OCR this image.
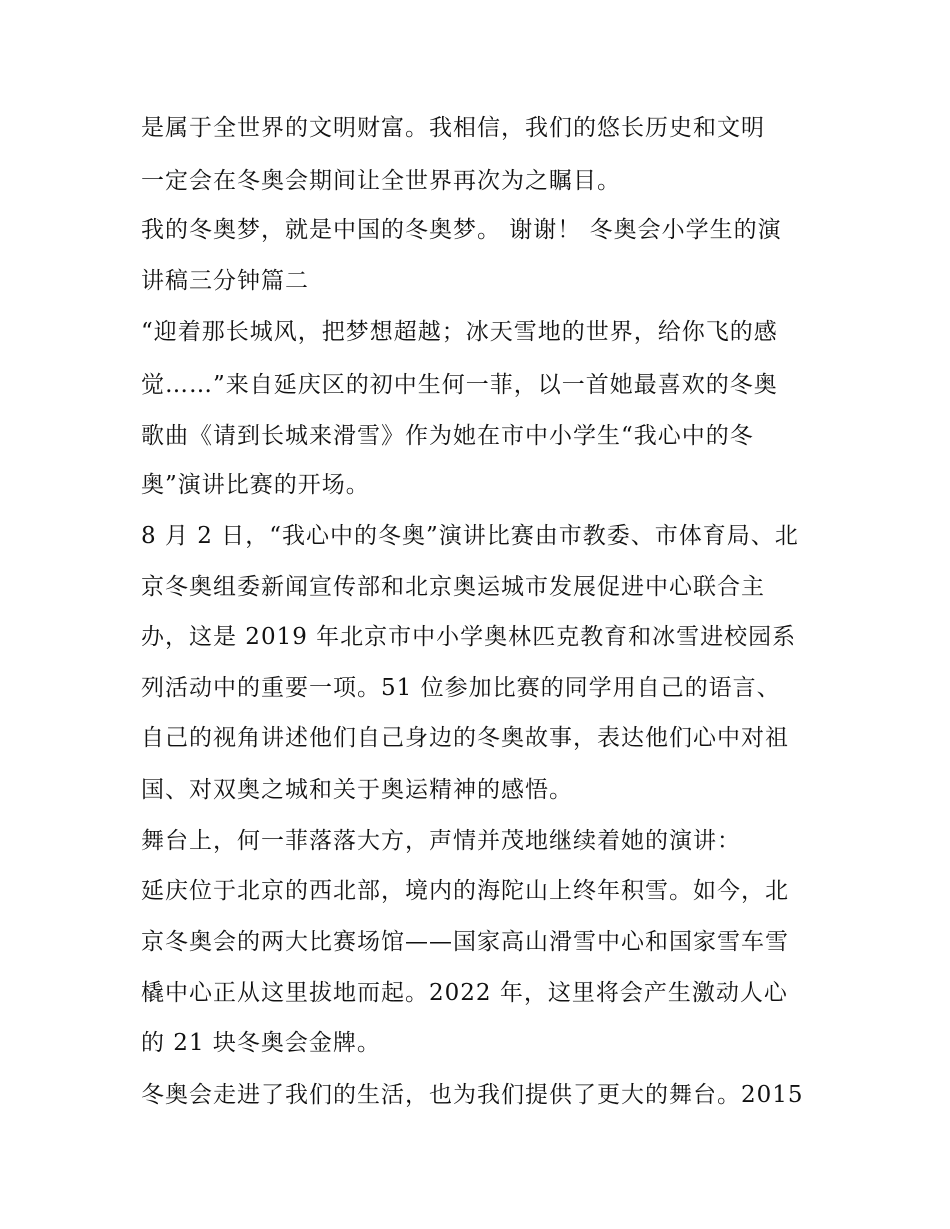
是属于全世界的文明财富。我相信，我们的悠长历史和文明

一定会在冬奥会期间让全世界再次为之瞩目。

我的冬奥梦，就是中国的冬奥梦。 谢谢！ 冬奥会小学生的演

讲稿三分钟篇二

“迎着那长城风，把梦想超越；冰天雪地的世界，给你飞的感

觉……”来自延庆区的初中生何一菲，以一首她最喜欢的冬奥

歌曲《请到长城来滑雪》作为她在市中小学生“我心中的冬

奥”演讲比赛的开场。

8 月 2 日，“我心中的冬奥”演讲比赛由市教委、市体育局、北

京冬奥组委新闻宣传部和北京奥运城市发展促进中心联合主

办，这是 2019 年北京市中小学奥林匹克教育和冰雪进校园系

列活动中的重要一项。51 位参加比赛的同学用自己的语言、

自己的视角讲述他们自己身边的冬奥故事，表达他们心中对祖

国、对双奥之城和关于奥运精神的感悟。

舞台上，何一菲落落大方，声情并茂地继续着她的演讲：

延庆位于北京的西北部，境内的海陀山上终年积雪。如今，北

京冬奥会的两大比赛场馆——国家高山滑雪中心和国家雪车雪

橇中心正从这里拔地而起。2022 年，这里将会产生激动人心

的 21 块冬奥会金牌。

冬奥会走进了我们的生活，也为我们提供了更大的舞台。2015
